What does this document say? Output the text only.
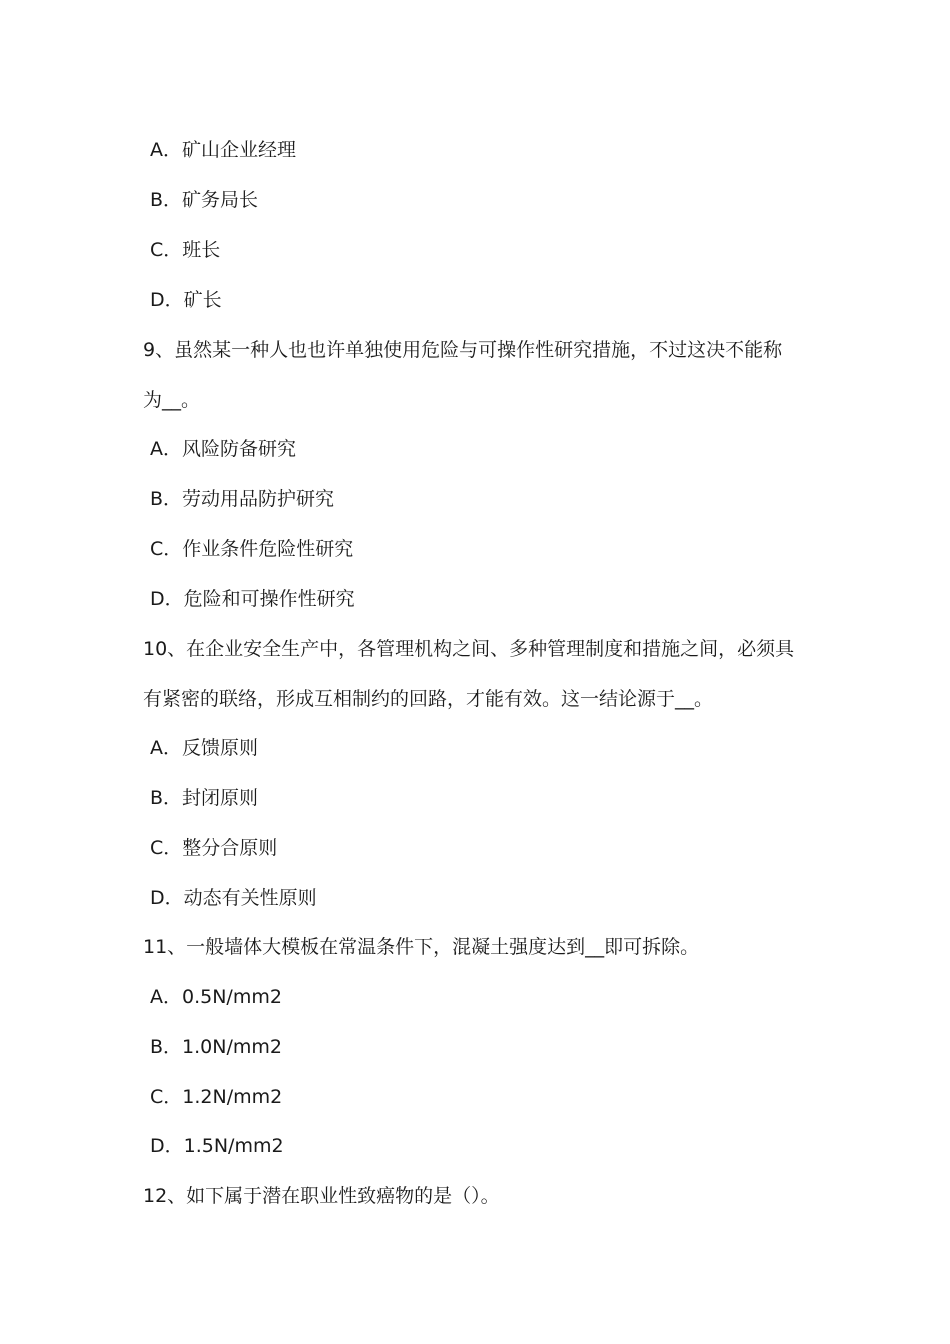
A．矿山企业经理
B．矿务局长
C．班长
D．矿长
9、虽然某一种人也也许单独使用危险与可操作性研究措施，不过这决不能称
为__。
A．风险防备研究
B．劳动用品防护研究
C．作业条件危险性研究
D．危险和可操作性研究
10、在企业安全生产中，各管理机构之间、多种管理制度和措施之间，必须具
有紧密的联络，形成互相制约的回路，才能有效。这一结论源于__。
A．反馈原则
B．封闭原则
C．整分合原则
D．动态有关性原则
11、一般墙体大模板在常温条件下，混凝土强度达到__即可拆除。
A．0.5N/mm2
B．1.0N/mm2
C．1.2N/mm2
D．1.5N/mm2
12、如下属于潜在职业性致癌物的是（）。
